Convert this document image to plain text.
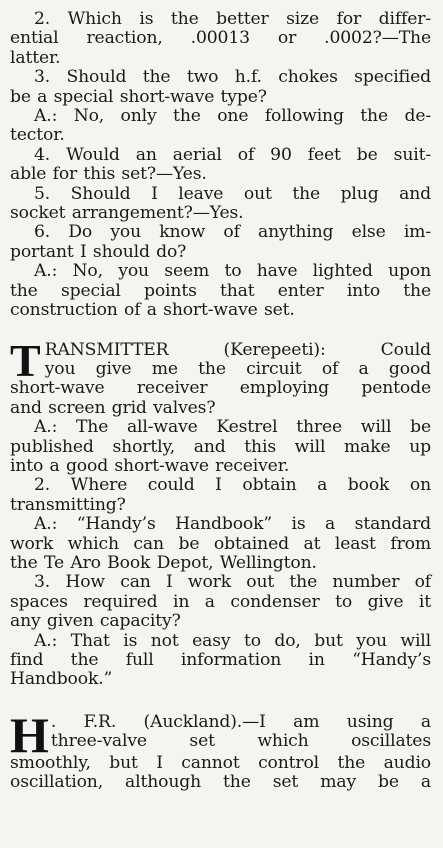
2. Which is the better size for differ-
ential reaction, .00013 or .0002?—The
latter.
3. Should the two h.f. chokes specified
be a special short-wave type?
A.: No, only the one following the de-
tector.
4. Would an aerial of 90 feet be suit-
able for this set?—Yes.
5. Should I leave out the plug and
socket arrangement?—Yes.
6. Do you know of anything else im-
portant I should do?
A.: No, you seem to have lighted upon
the special points that enter into the
construction of a short-wave set.

T RANSMITTER (Kerepeeti): Could
you give me the circuit of a good

short-wave receiver employing pentode
and screen grid valves?
A.: The all-wave Kestrel three will be
published shortly, and this will make up
into a good short-wave receiver.
2. Where could I obtain a book on
transmitting?
A.: “Handy’s Handbook” is a standard
work which can be obtained at least from
the Te Aro Book Depot, Wellington.
3. How can I work out the number of
spaces required in a condenser to give it
any given capacity?
A.: That is not easy to do, but you will
find the full information in “Handy’s
Handbook.”

H . F.R. (Auckland).—I am using a
three-valve set which oscillates

smoothly, but I cannot control the audio
oscillation, although the set may be a
